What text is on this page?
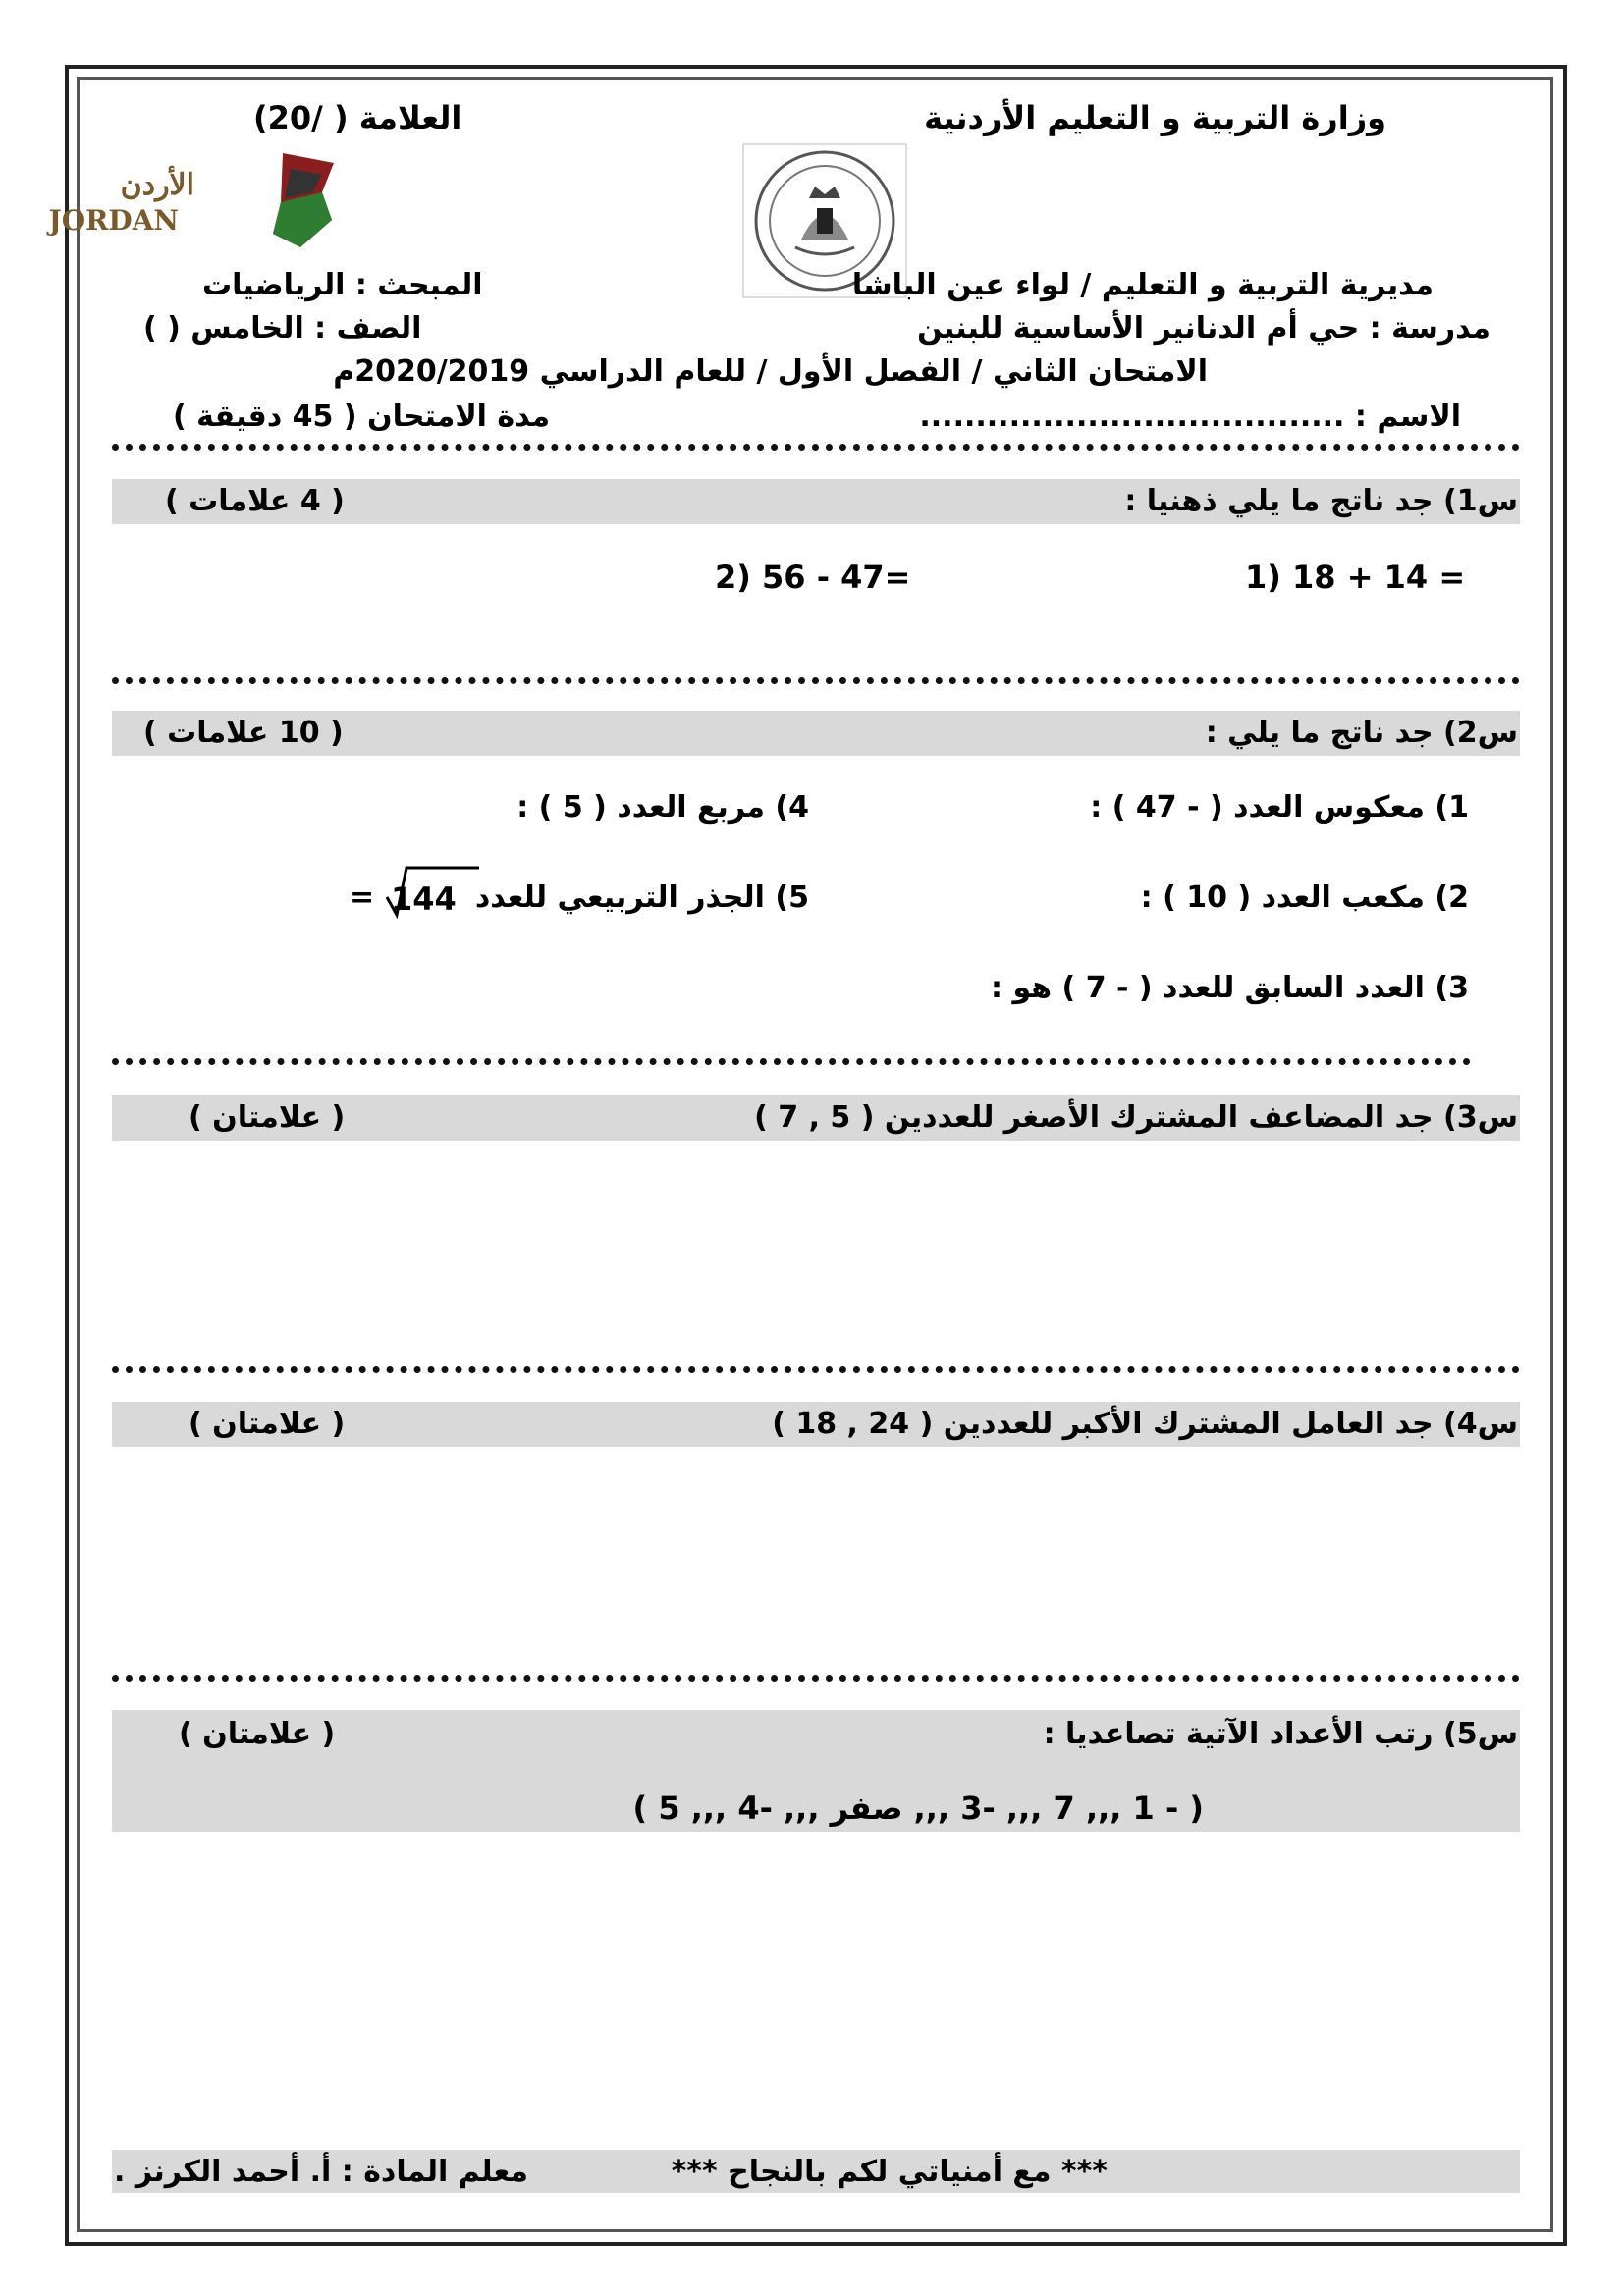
وزارة التربية و التعليم الأردنية
العلامة ( /20)
الأردن
JORDAN
مديرية التربية و التعليم / لواء عين الباشا
المبحث : الرياضيات
مدرسة : حي أم الدنانير الأساسية للبنين
الصف : الخامس ( )
الامتحان الثاني / الفصل الأول / للعام الدراسي 2020/2019م
الاسم : ......................................
مدة الامتحان ( 45 دقيقة )
س1) جد ناتج ما يلي ذهنيا :
( 4 علامات )
1) 18 + 14 =
2) 56 - 47=
س2) جد ناتج ما يلي :
( 10 علامات )
1) معكوس العدد ( - 47 ) :
4) مربع العدد ( 5 ) :
2) مكعب العدد ( 10 ) :
5) الجذر التربيعي للعدد
144
=
3) العدد السابق للعدد ( - 7 ) هو :
س3) جد المضاعف المشترك الأصغر للعددين ( 5 , 7 )
( علامتان )
س4) جد العامل المشترك الأكبر للعددين ( 24 , 18 )
( علامتان )
س5) رتب الأعداد الآتية تصاعديا :
( علامتان )
( - 1 ,,, 7 ,,, -3 ,,, صفر ,,, -4 ,,, 5 )
*** مع أمنياتي لكم بالنجاح ***
معلم المادة : أ. أحمد الكرنز .
